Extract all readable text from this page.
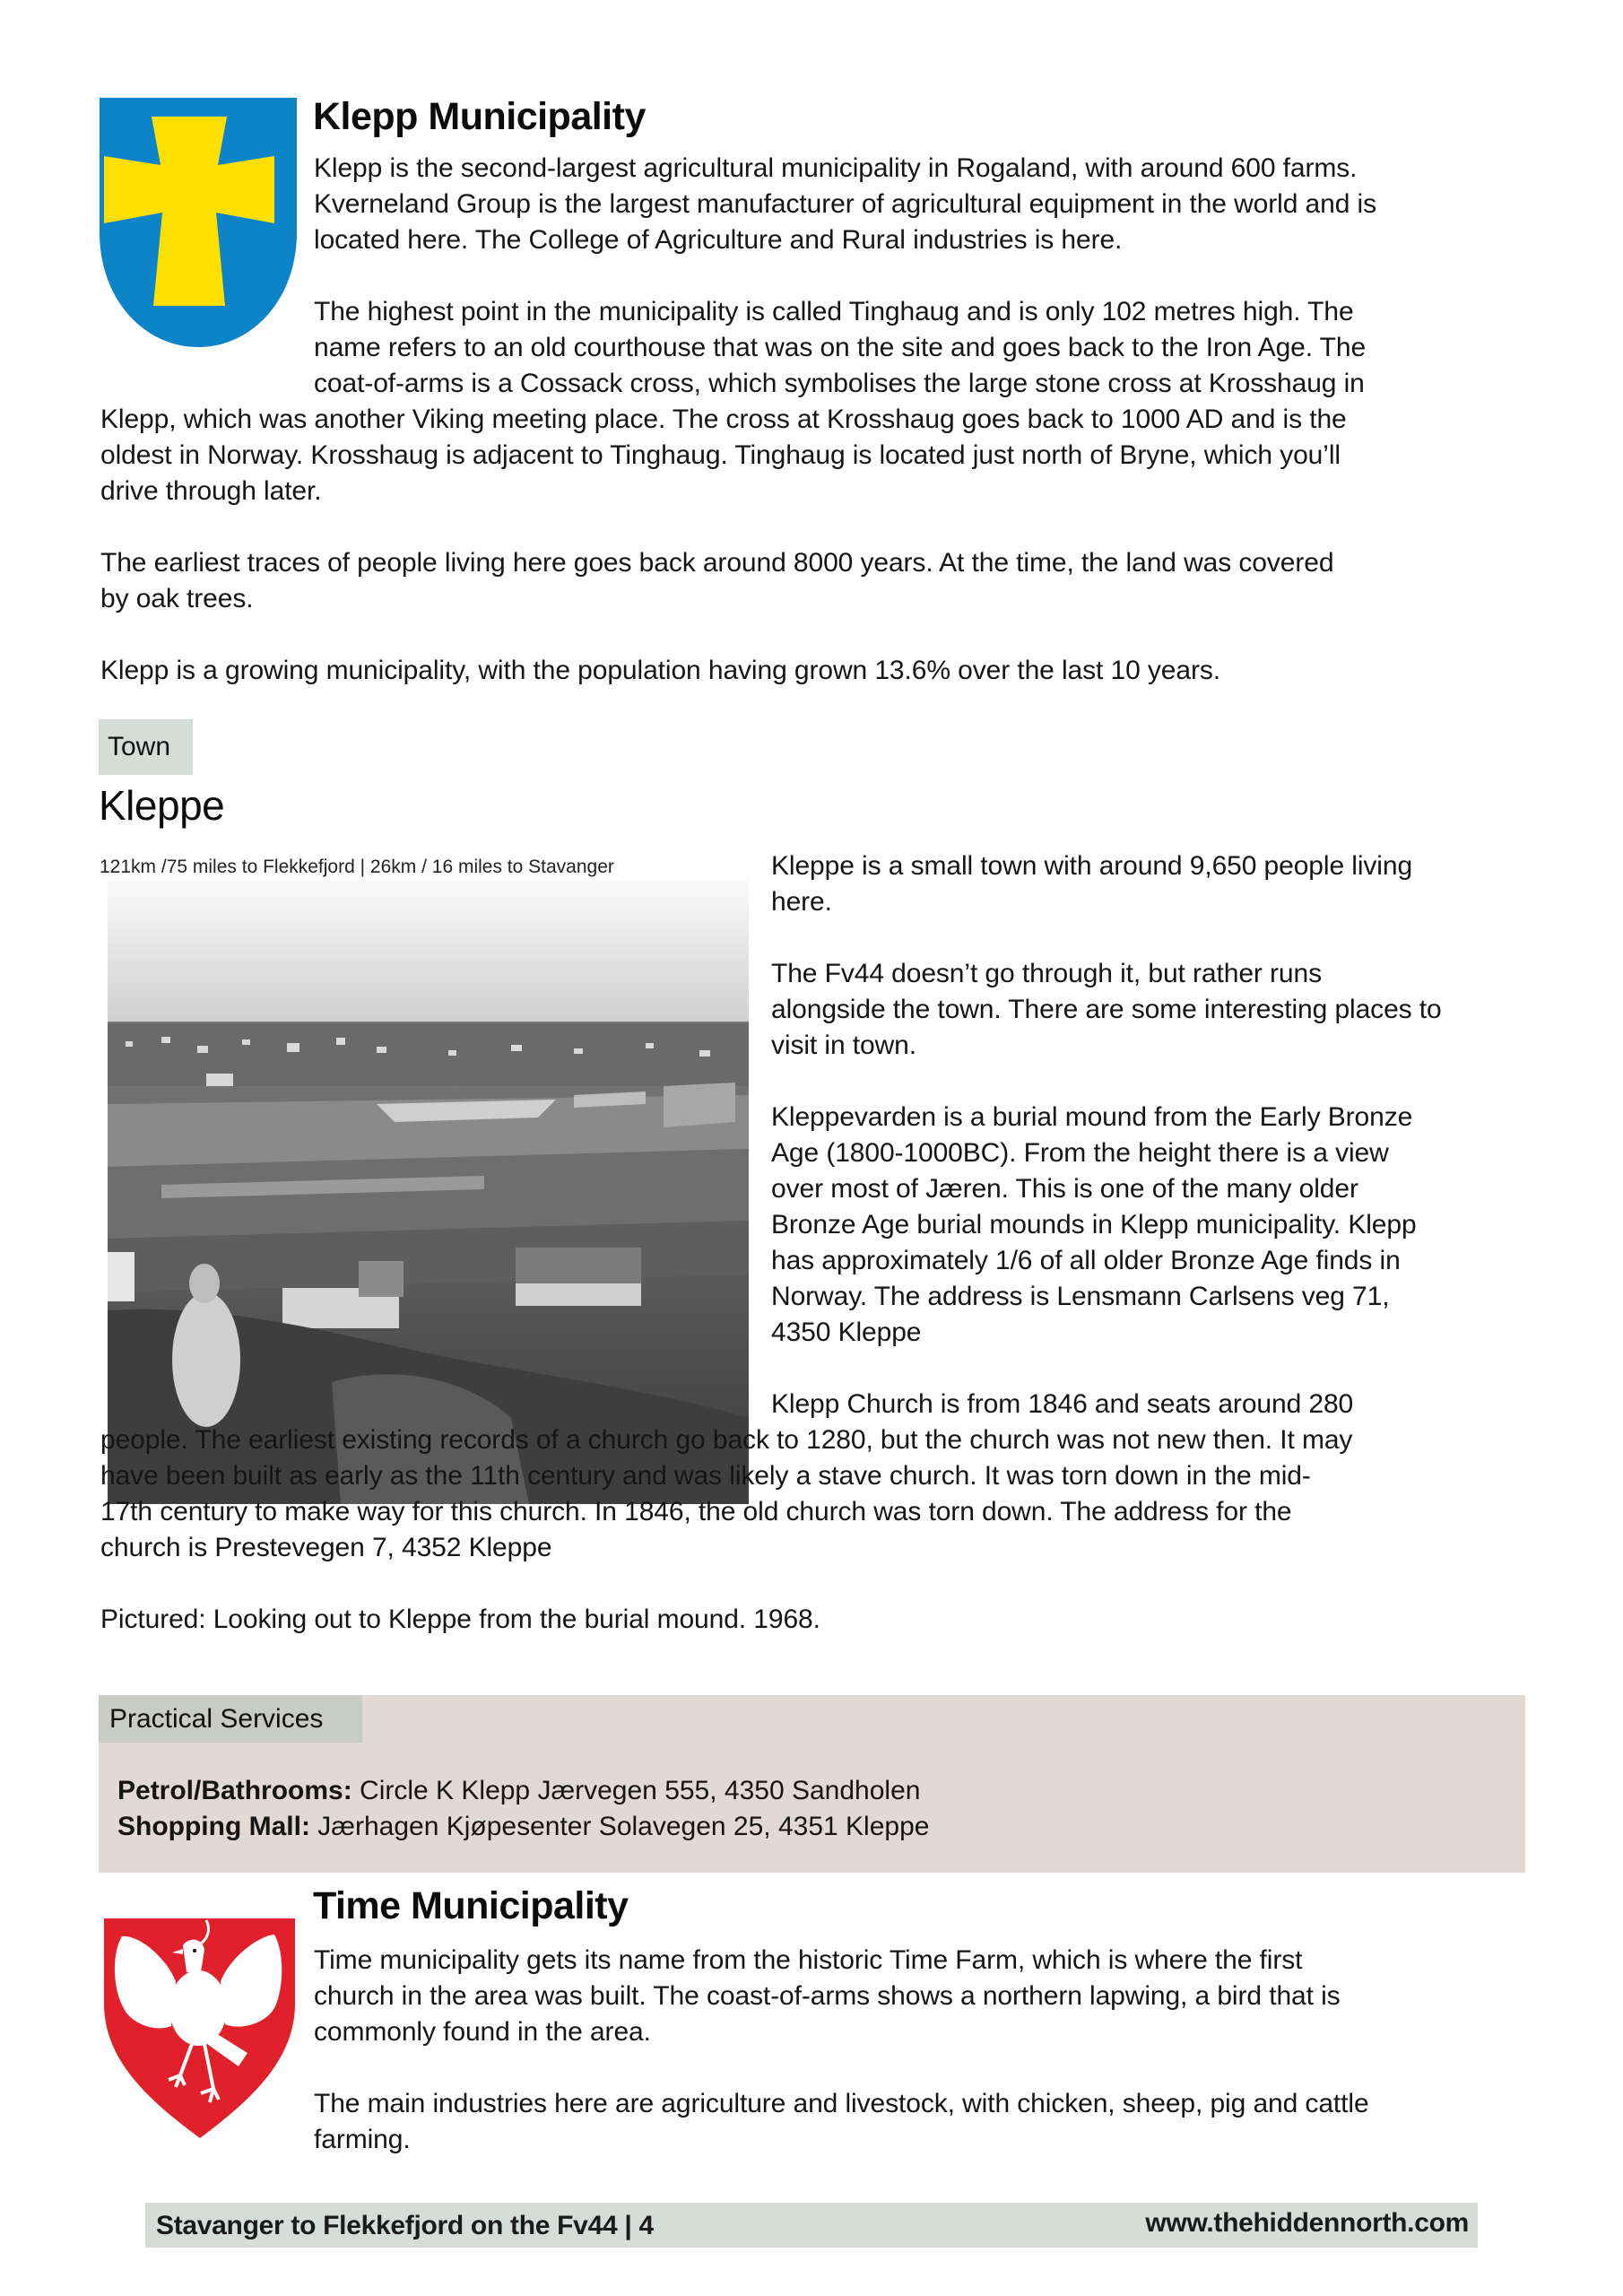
Klepp Municipality
Klepp is the second-largest agricultural municipality in Rogaland, with around 600 farms.
Kverneland Group is the largest manufacturer of agricultural equipment in the world and is
located here. The College of Agriculture and Rural industries is here.
The highest point in the municipality is called Tinghaug and is only 102 metres high. The
name refers to an old courthouse that was on the site and goes back to the Iron Age. The
coat-of-arms is a Cossack cross, which symbolises the large stone cross at Krosshaug in
Klepp, which was another Viking meeting place. The cross at Krosshaug goes back to 1000 AD and is the
oldest in Norway. Krosshaug is adjacent to Tinghaug. Tinghaug is located just north of Bryne, which you’ll
drive through later.
The earliest traces of people living here goes back around 8000 years. At the time, the land was covered
by oak trees.
Klepp is a growing municipality, with the population having grown 13.6% over the last 10 years.
Town
Kleppe
121km /75 miles to Flekkefjord | 26km / 16 miles to Stavanger	Kleppe is a small town with around 9,650 people living
here.
The Fv44 doesn’t go through it, but rather runs
alongside the town. There are some interesting places to
visit in town.
Kleppevarden is a burial mound from the Early Bronze
Age (1800-1000BC). From the height there is a view
over most of Jæren. This is one of the many older
Bronze Age burial mounds in Klepp municipality. Klepp
has approximately 1/6 of all older Bronze Age finds in
Norway. The address is Lensmann Carlsens veg 71,
4350 Kleppe
Klepp Church is from 1846 and seats around 280
people. The earliest existing records of a church go back to 1280, but the church was not new then. It may
have been built as early as the 11th century and was likely a stave church. It was torn down in the mid-
17th century to make way for this church. In 1846, the old church was torn down. The address for the
church is Prestevegen 7, 4352 Kleppe
Pictured: Looking out to Kleppe from the burial mound. 1968.
Practical Services
Petrol/Bathrooms: Circle K Klepp Jærvegen 555, 4350 Sandholen
Shopping Mall: Jærhagen Kjøpesenter Solavegen 25, 4351 Kleppe
Time Municipality
Time municipality gets its name from the historic Time Farm, which is where the first
church in the area was built. The coast-of-arms shows a northern lapwing, a bird that is
commonly found in the area.
The main industries here are agriculture and livestock, with chicken, sheep, pig and cattle
farming.
Stavanger to Flekkefjord on the Fv44 | 4	www.thehiddennorth.com
